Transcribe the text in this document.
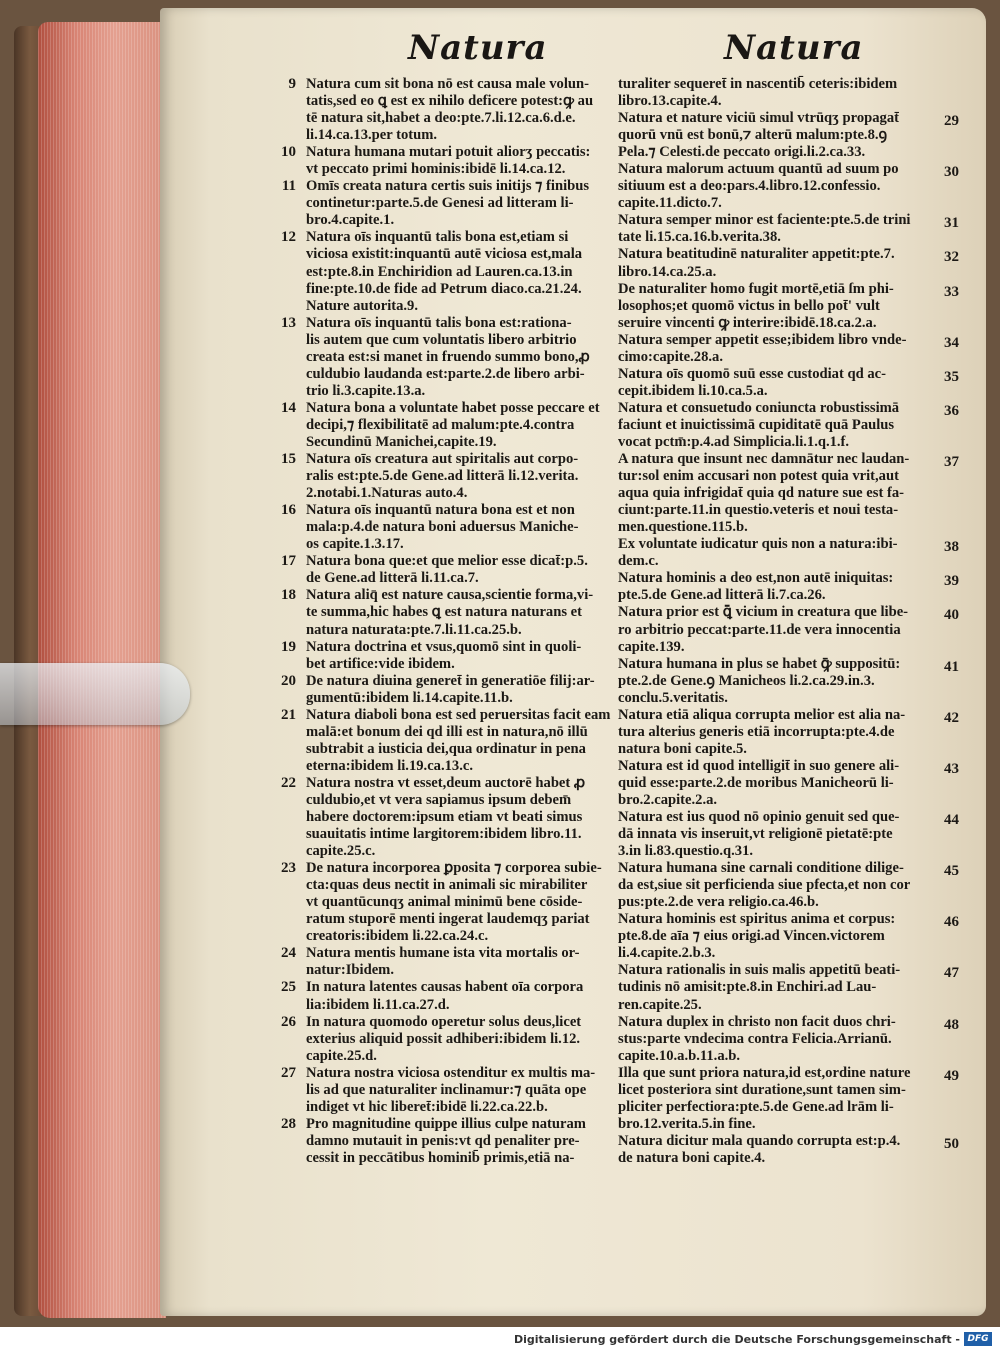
Natura	Natura
9 Natura cum sit bona nō est causa male volun-
tatis,sed eo ꝗ est ex nihilo deficere potest:ꝙ au
tē natura sit,habet a deo:pte.7.li.12.ca.6.d.e.
li.14.ca.13.per totum.
10 Natura humana mutari potuit aliorʒ peccatis:
vt peccato primi hominis:ibidē li.14.ca.12.
11 Omīs creata natura certis suis initijs ⁊ finibus
continetur:parte.5.de Genesi ad litteram li-
bro.4.capite.1.
12 Natura oīs inquantū talis bona est,etiam si
viciosa existit:inquantū autē viciosa est,mala
est:pte.8.in Enchiridion ad Lauren.ca.13.in
fine:pte.10.de fide ad Petrum diaco.ca.21.24.
Nature autorita.9.
13 Natura oīs inquantū talis bona est:rationa-
lis autem que cum voluntatis libero arbitrio
creata est:si manet in fruendo summo bono,ꝓ
culdubio laudanda est:parte.2.de libero arbi-
trio li.3.capite.13.a.
14 Natura bona a voluntate habet posse peccare et
decipi,⁊ flexibilitatē ad malum:pte.4.contra
Secundinū Manichei,capite.19.
15 Natura oīs creatura aut spiritalis aut corpo-
ralis est:pte.5.de Gene.ad litterā li.12.verita.
2.notabi.1.Naturas auto.4.
16 Natura oīs inquantū natura bona est et non
mala:p.4.de natura boni aduersus Maniche-
os capite.1.3.17.
17 Natura bona que:et que melior esse dicat̄:p.5.
de Gene.ad litterā li.11.ca.7.
18 Natura aliq̄ est nature causa,scientie forma,vi-
te summa,hic habes ꝗ est natura naturans et
natura naturata:pte.7.li.11.ca.25.b.
19 Natura doctrina et vsus,quomō sint in quoli-
bet artifice:vide ibidem.
20 De natura diuina generet̄ in generatiōe filij:ar-
gumentū:ibidem li.14.capite.11.b.
21 Natura diaboli bona est sed peruersitas facit eam
malā:et bonum dei qd illi est in natura,nō illū
subtrabit a iusticia dei,qua ordinatur in pena
eterna:ibidem li.19.ca.13.c.
22 Natura nostra vt esset,deum auctorē habet ꝓ
culdubio,et vt vera sapiamus ipsum debem̄
habere doctorem:ipsum etiam vt beati simus
suauitatis intime largitorem:ibidem libro.11.
capite.25.c.
23 De natura incorporea ꝑposita ⁊ corporea subie-
cta:quas deus nectit in animali sic mirabiliter
vt quantūcunqʒ animal minimū bene cōside-
ratum stuporē menti ingerat laudemqʒ pariat
creatoris:ibidem li.22.ca.24.c.
24 Natura mentis humane ista vita mortalis or-
natur:Ibidem.
25 In natura latentes causas habent oīa corpora
lia:ibidem li.11.ca.27.d.
26 In natura quomodo operetur solus deus,licet
exterius aliquid possit adhiberi:ibidem li.12.
capite.25.d.
27 Natura nostra viciosa ostenditur ex multis ma-
lis ad que naturaliter inclinamur:⁊ quāta ope
indiget vt hic liberet̄:ibidē li.22.ca.22.b.
28 Pro magnitudine quippe illius culpe naturam
damno mutauit in penis:vt qd penaliter pre-
cessit in peccātibus hominib̄ primis,etiā na-
turaliter sequeret̄ in nascentib̄ ceteris:ibidem
libro.13.capite.4.
29
Natura et nature viciū simul vtrūqʒ propagat̄
quorū vnū est bonū,⁊ alterū malum:pte.8.ꝯ
Pela.⁊ Celesti.de peccato origi.li.2.ca.33.
30
Natura malorum actuum quantū ad suum po
sitiuum est a deo:pars.4.libro.12.confessio.
capite.11.dicto.7.
31
Natura semper minor est faciente:pte.5.de trini
tate li.15.ca.16.b.verita.38.
32
Natura beatitudinē naturaliter appetit:pte.7.
libro.14.ca.25.a.
33
De naturaliter homo fugit mortē,etiā ſm phi-
losophos;et quomō victus in bello pot̄' vult
seruire vincenti ꝙ interire:ibidē.18.ca.2.a.
34
Natura semper appetit esse;ibidem libro vnde-
cimo:capite.28.a.
35
Natura oīs quomō suū esse custodiat qd ac-
cepit.ibidem li.10.ca.5.a.
36
Natura et consuetudo coniuncta robustissimā
faciunt et inuictissimā cupiditatē quā Paulus
vocat pctm̄:p.4.ad Simplicia.li.1.q.1.f.
37
A natura que insunt nec damnātur nec laudan-
tur:sol enim accusari non potest quia vrit,aut
aqua quia infrigidat̄ quia qd nature sue est fa-
ciunt:parte.11.in questio.veteris et noui testa-
men.questione.115.b.
38
Ex voluntate iudicatur quis non a natura:ibi-
dem.c.
39
Natura hominis a deo est,non autē iniquitas:
pte.5.de Gene.ad litterā li.7.ca.26.
40
Natura prior est ꝗ̄ vicium in creatura que libe-
ro arbitrio peccat:parte.11.de vera innocentia
capite.139.
41
Natura humana in plus se habet ꝙ̄ suppositū:
pte.2.de Gene.ꝯ Manicheos li.2.ca.29.in.3.
conclu.5.veritatis.
42
Natura etiā aliqua corrupta melior est alia na-
tura alterius generis etiā incorrupta:pte.4.de
natura boni capite.5.
43
Natura est id quod intelligit̄ in suo genere ali-
quid esse:parte.2.de moribus Manicheorū li-
bro.2.capite.2.a.
44
Natura est ius quod nō opinio genuit sed que-
dā innata vis inseruit,vt religionē pietatē:pte
3.in li.83.questio.q.31.
45
Natura humana sine carnali conditione dilige-
da est,siue sit perficienda siue pfecta,et non cor
pus:pte.2.de vera religio.ca.46.b.
46
Natura hominis est spiritus anima et corpus:
pte.8.de aīa ⁊ eius origi.ad Vincen.victorem
li.4.capite.2.b.3.
47
Natura rationalis in suis malis appetitū beati-
tudinis nō amisit:pte.8.in Enchiri.ad Lau-
ren.capite.25.
48
Natura duplex in christo non facit duos chri-
stus:parte vndecima contra Felicia.Arrianū.
capite.10.a.b.11.a.b.
49
Illa que sunt priora natura,id est,ordine nature
licet posteriora sint duratione,sunt tamen sim-
pliciter perfectiora:pte.5.de Gene.ad lrām li-
bro.12.verita.5.in fine.
50
Natura dicitur mala quando corrupta est:p.4.
de natura boni capite.4.
Digitalisierung gefördert durch die Deutsche Forschungsgemeinschaft - DFG
